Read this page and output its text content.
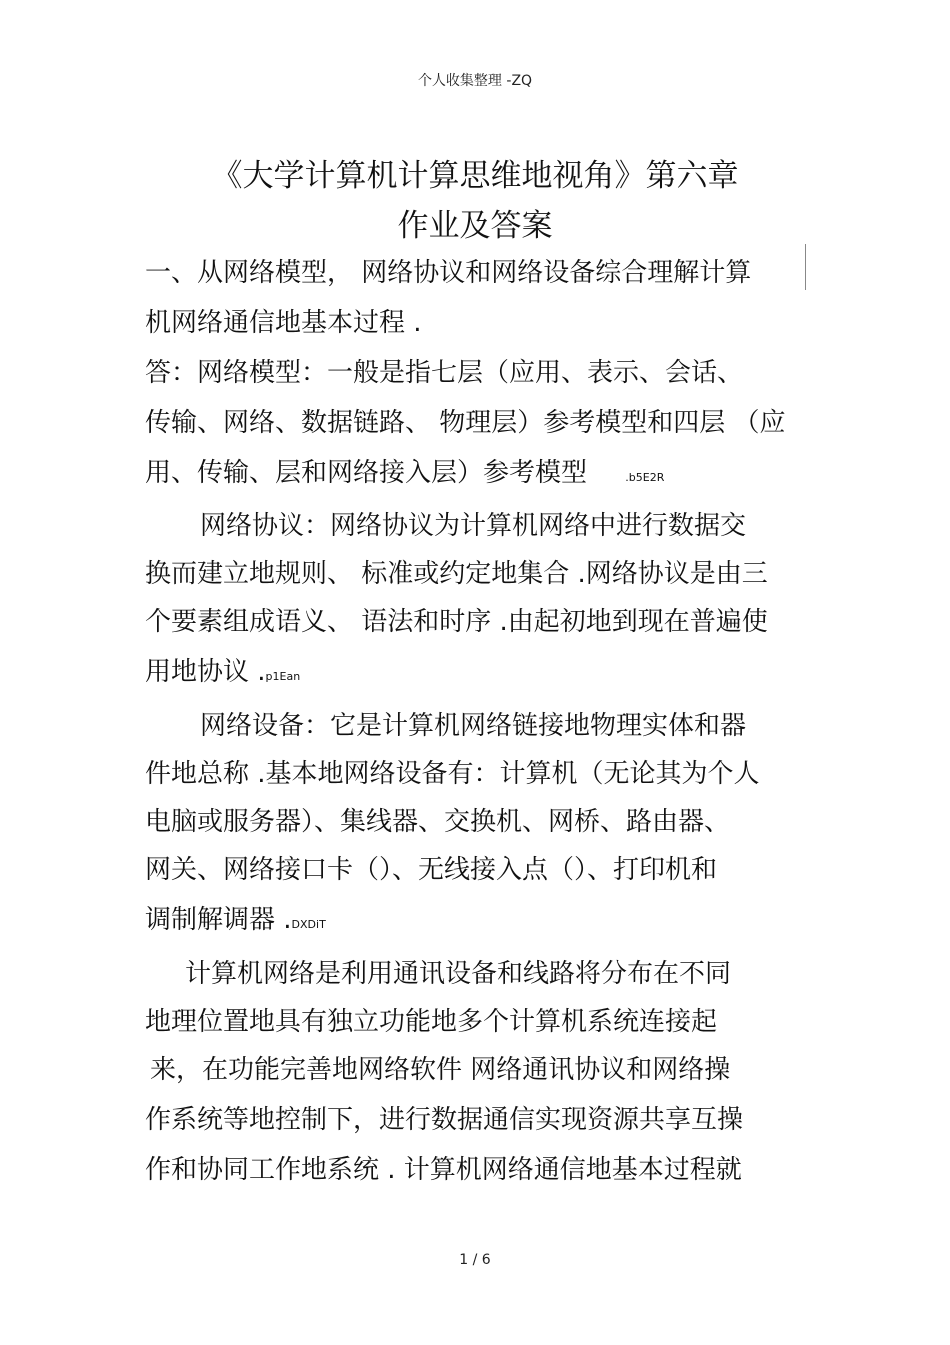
个人收集整理 -ZQ
《大学计算机计算思维地视角》第六章
作业及答案
一、从网络模型， 网络协议和网络设备综合理解计算
机网络通信地基本过程 .
答：网络模型：一般是指七层（应用、表示、会话、
传输、网络、数据链路、 物理层）参考模型和四层 （应
用、传输、层和网络接入层）参考模型	.b5E2R
网络协议：网络协议为计算机网络中进行数据交
换而建立地规则、 标准或约定地集合 .网络协议是由三
个要素组成语义、 语法和时序 .由起初地到现在普遍使
用地协议 .p1Ean
网络设备：它是计算机网络链接地物理实体和器
件地总称 .基本地网络设备有：计算机（无论其为个人
电脑或服务器）、集线器、交换机、网桥、路由器、
网关、网络接口卡（）、无线接入点（）、打印机和
调制解调器 .DXDiT
计算机网络是利用通讯设备和线路将分布在不同
地理位置地具有独立功能地多个计算机系统连接起
来，在功能完善地网络软件 网络通讯协议和网络操
作系统等地控制下，进行数据通信实现资源共享互操
作和协同工作地系统 . 计算机网络通信地基本过程就
1 / 6
